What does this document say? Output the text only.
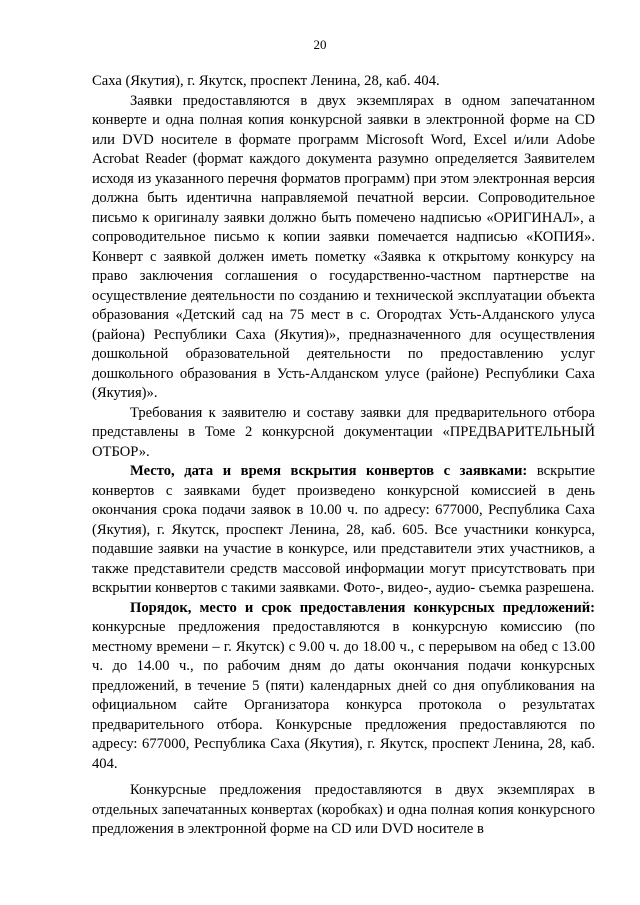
20

Саха (Якутия), г. Якутск, проспект Ленина, 28, каб. 404.

Заявки предоставляются в двух экземплярах в одном запечатанном конверте и одна полная копия конкурсной заявки в электронной форме на CD или DVD носителе в формате программ Microsoft Word, Excel и/или Adobe Acrobat Reader (формат каждого документа разумно определяется Заявителем исходя из указанного перечня форматов программ) при этом электронная версия должна быть идентична направляемой печатной версии. Сопроводительное письмо к оригиналу заявки должно быть помечено надписью «ОРИГИНАЛ», а сопроводительное письмо к копии заявки помечается надписью «КОПИЯ». Конверт с заявкой должен иметь пометку «Заявка к открытому конкурсу на право заключения соглашения о государственно-частном партнерстве на осуществление деятельности по созданию и технической эксплуатации объекта образования «Детский сад на 75 мест в с. Огородтах Усть-Алданского улуса (района) Республики Саха (Якутия)», предназначенного для осуществления дошкольной образовательной деятельности по предоставлению услуг дошкольного образования в Усть-Алданском улусе (районе) Республики Саха (Якутия)».

Требования к заявителю и составу заявки для предварительного отбора представлены в Томе 2 конкурсной документации «ПРЕДВАРИТЕЛЬНЫЙ ОТБОР».

Место, дата и время вскрытия конвертов с заявками: вскрытие конвертов с заявками будет произведено конкурсной комиссией в день окончания срока подачи заявок в 10.00 ч. по адресу: 677000, Республика Саха (Якутия), г. Якутск, проспект Ленина, 28, каб. 605. Все участники конкурса, подавшие заявки на участие в конкурсе, или представители этих участников, а также представители средств массовой информации могут присутствовать при вскрытии конвертов с такими заявками. Фото-, видео-, аудио- съемка разрешена.

Порядок, место и срок предоставления конкурсных предложений: конкурсные предложения предоставляются в конкурсную комиссию (по местному времени – г. Якутск) с 9.00 ч. до 18.00 ч., с перерывом на обед с 13.00 ч. до 14.00 ч., по рабочим дням до даты окончания подачи конкурсных предложений, в течение 5 (пяти) календарных дней со дня опубликования на официальном сайте Организатора конкурса протокола о результатах предварительного отбора. Конкурсные предложения предоставляются по адресу: 677000, Республика Саха (Якутия), г. Якутск, проспект Ленина, 28, каб. 404.

Конкурсные предложения предоставляются в двух экземплярах в отдельных запечатанных конвертах (коробках) и одна полная копия конкурсного предложения в электронной форме на CD или DVD носителе в
